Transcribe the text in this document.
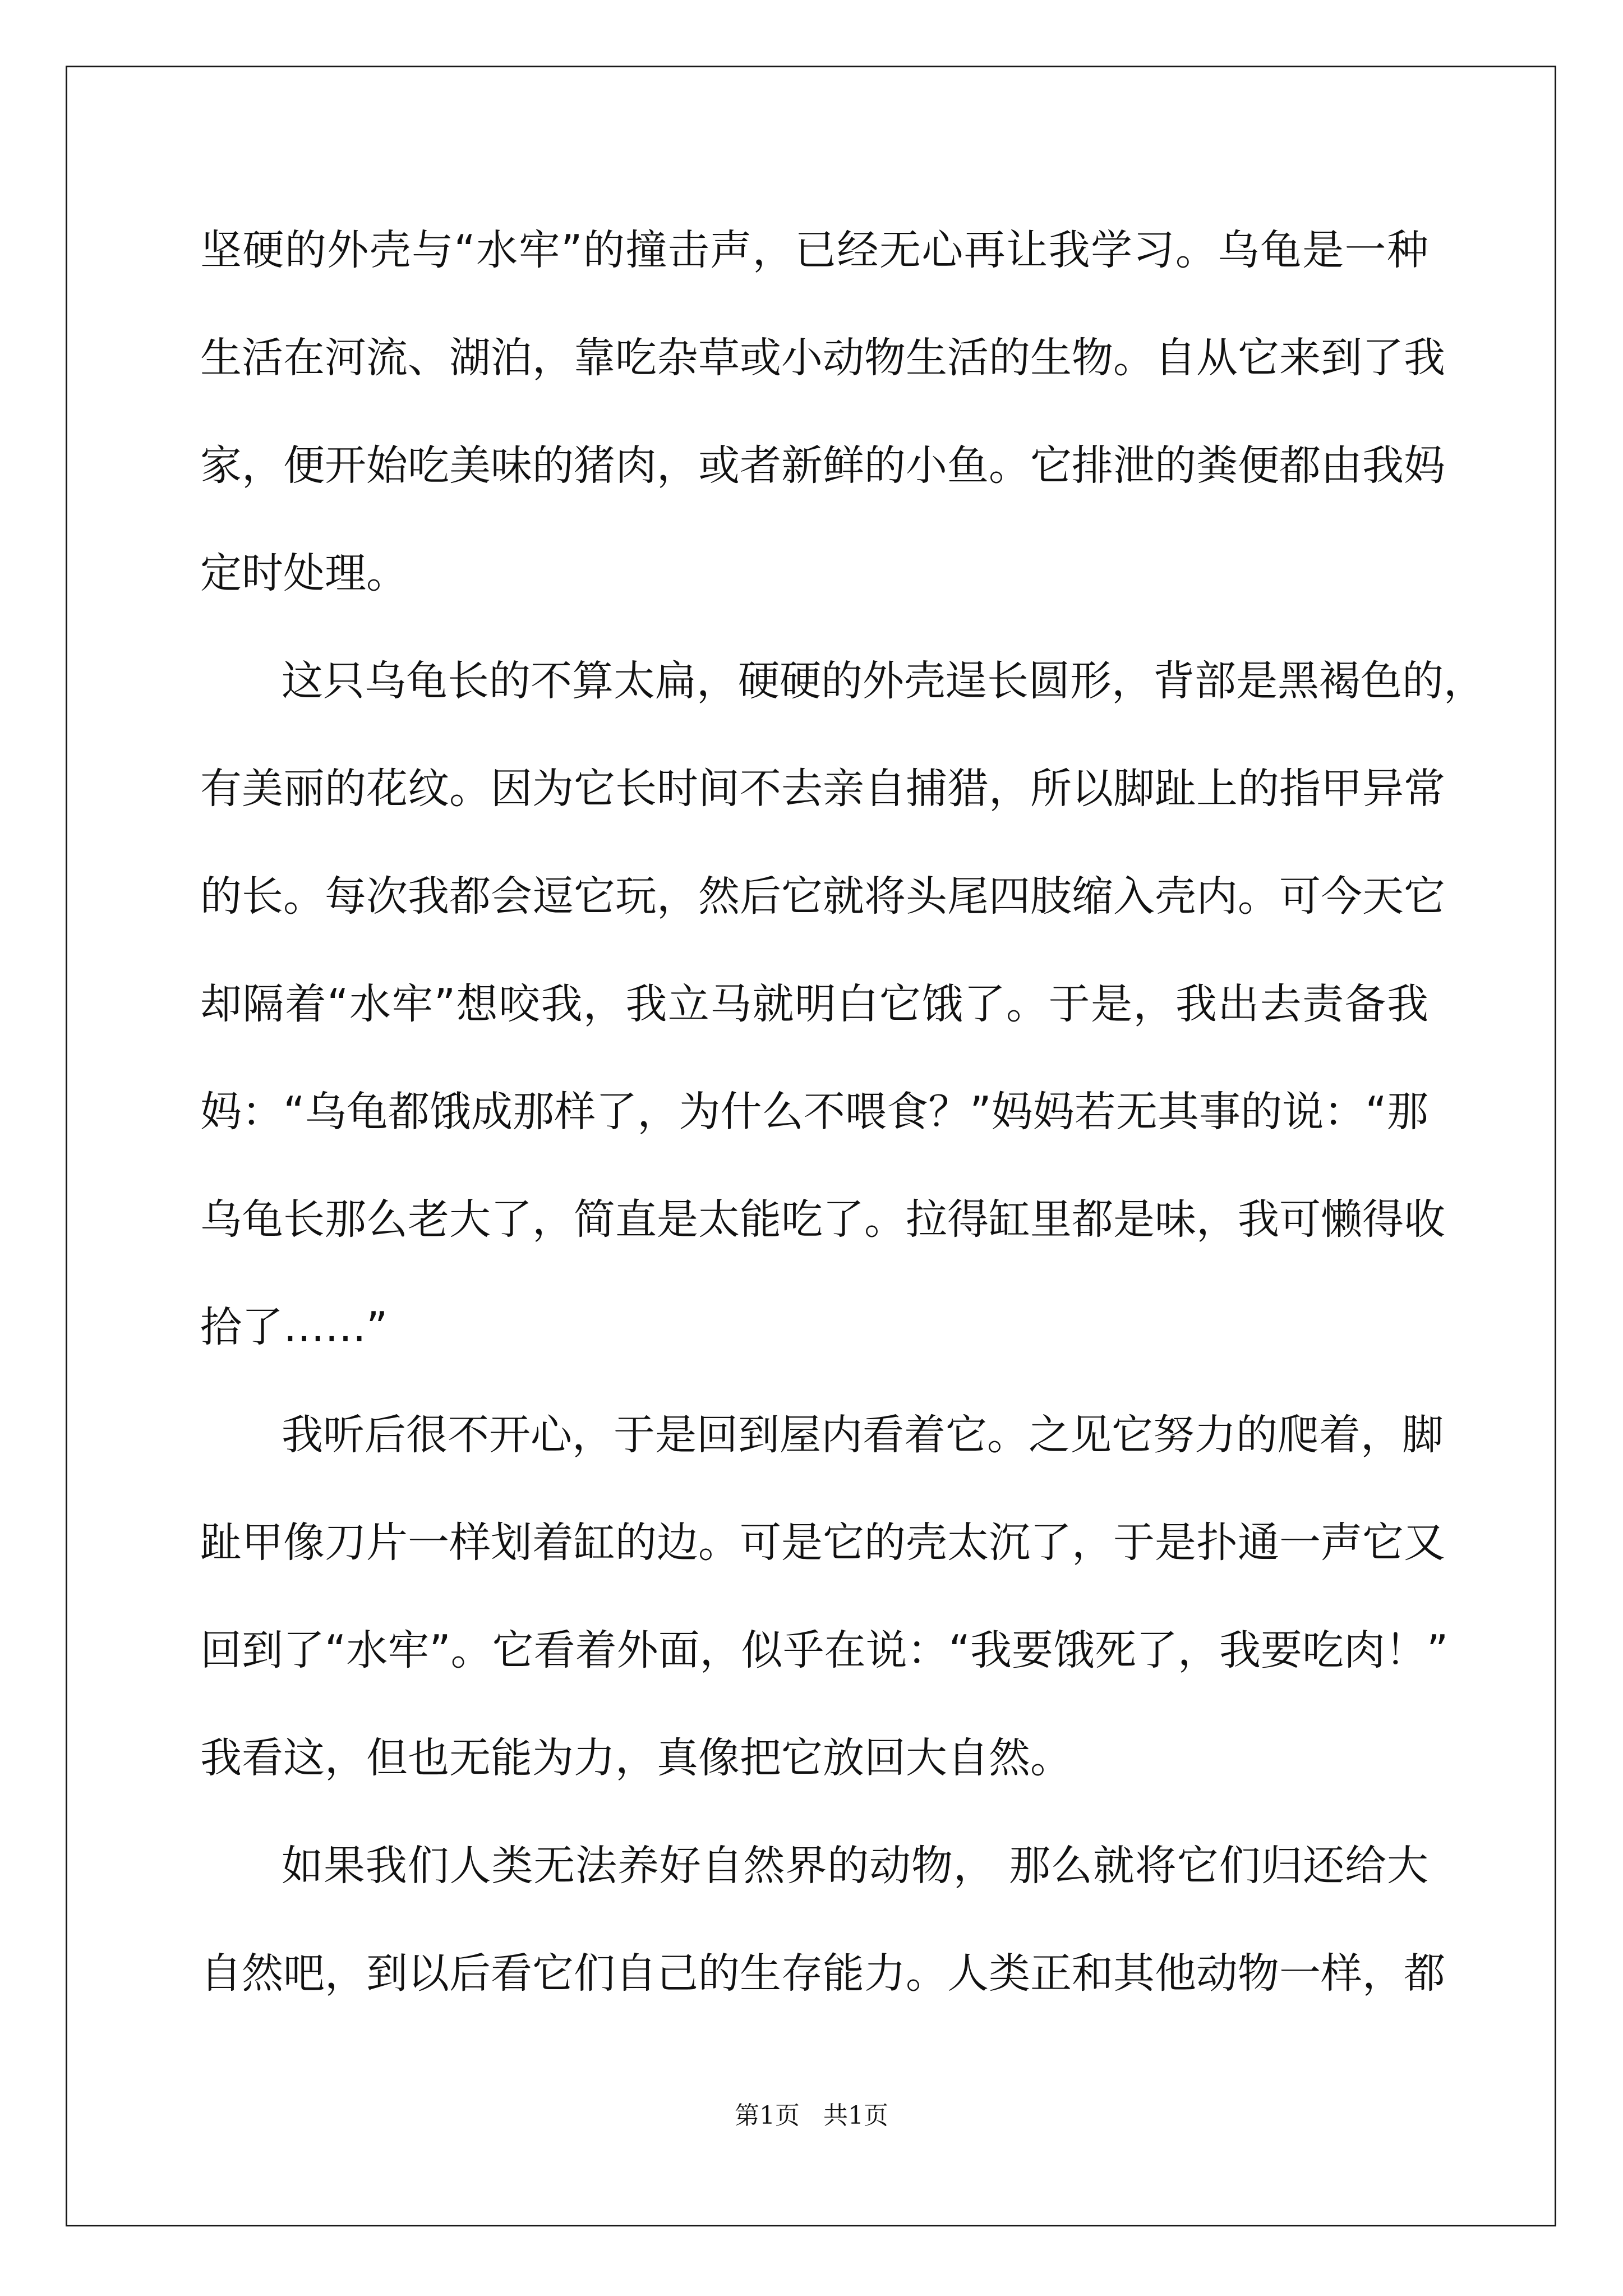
坚硬的外壳与“水牢”的撞击声，已经无心再让我学习。乌龟是一种
生活在河流、湖泊，靠吃杂草或小动物生活的生物。自从它来到了我
家，便开始吃美味的猪肉，或者新鲜的小鱼。它排泄的粪便都由我妈
定时处理。
这只乌龟长的不算太扁，硬硬的外壳逞长圆形，背部是黑褐色的，
有美丽的花纹。因为它长时间不去亲自捕猎，所以脚趾上的指甲异常
的长。每次我都会逗它玩，然后它就将头尾四肢缩入壳内。可今天它
却隔着“水牢”想咬我，我立马就明白它饿了。于是，我出去责备我
妈：“乌龟都饿成那样了，为什么不喂食？”妈妈若无其事的说：“那
乌龟长那么老大了，简直是太能吃了。拉得缸里都是味，我可懒得收
拾了……”
我听后很不开心，于是回到屋内看着它。之见它努力的爬着，脚
趾甲像刀片一样划着缸的边。可是它的壳太沉了，于是扑通一声它又
回到了“水牢”。它看着外面，似乎在说：“我要饿死了，我要吃肉！”
我看这，但也无能为力，真像把它放回大自然。
如果我们人类无法养好自然界的动物， 那么就将它们归还给大
自然吧，到以后看它们自己的生存能力。人类正和其他动物一样，都
第1页   共1页
